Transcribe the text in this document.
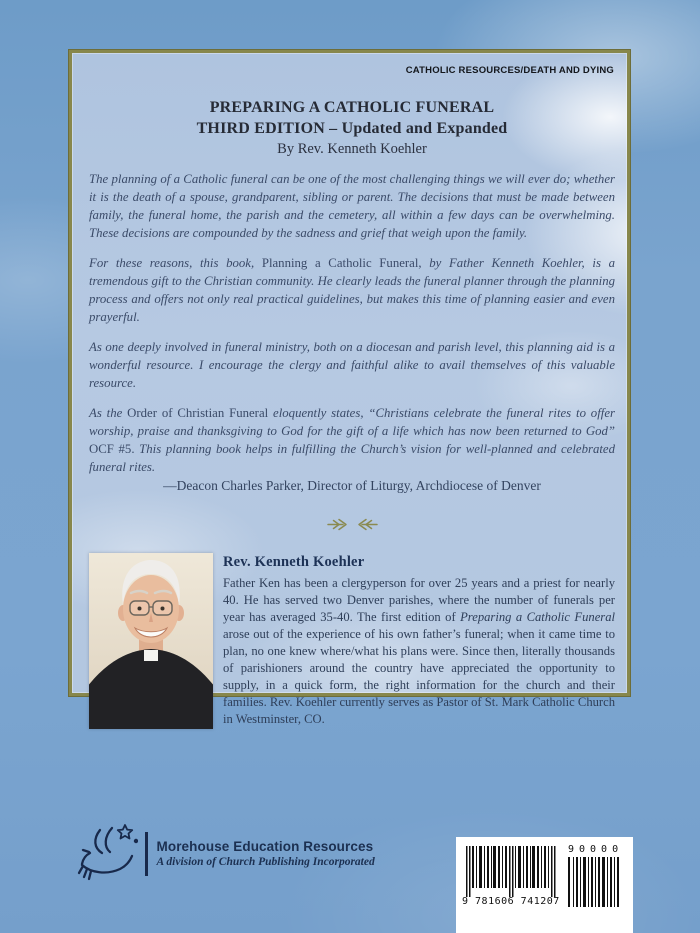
CATHOLIC RESOURCES/DEATH AND DYING
PREPARING A CATHOLIC FUNERAL
THIRD EDITION – Updated and Expanded
By Rev. Kenneth Koehler

The planning of a Catholic funeral can be one of the most challenging things we will ever do; whether it is the death of a spouse, grandparent, sibling or parent. The decisions that must be made between family, the funeral home, the parish and the cemetery, all within a few days can be overwhelming. These decisions are compounded by the sadness and grief that weigh upon the family.

For these reasons, this book, Planning a Catholic Funeral, by Father Kenneth Koehler, is a tremendous gift to the Christian community. He clearly leads the funeral planner through the planning process and offers not only real practical guidelines, but makes this time of planning easier and even prayerful.

As one deeply involved in funeral ministry, both on a diocesan and parish level, this planning aid is a wonderful resource. I encourage the clergy and faithful alike to avail themselves of this valuable resource.

As the Order of Christian Funeral eloquently states, “Christians celebrate the funeral rites to offer worship, praise and thanksgiving to God for the gift of a life which has now been returned to God” OCF #5. This planning book helps in fulfilling the Church’s vision for well-planned and celebrated funeral rites.

—Deacon Charles Parker, Director of Liturgy, Archdiocese of Denver
Rev. Kenneth Koehler
Father Ken has been a clergyperson for over 25 years and a priest for nearly 40. He has served two Denver parishes, where the number of funerals per year has averaged 35-40. The first edition of Preparing a Catholic Funeral arose out of the experience of his own father’s funeral; when it came time to plan, no one knew where/what his plans were. Since then, literally thousands of parishioners around the country have appreciated the opportunity to supply, in a quick form, the right information for the church and their families. Rev. Koehler currently serves as Pastor of St. Mark Catholic Church in Westminster, CO.
Morehouse Education Resources
A division of Church Publishing Incorporated
9 781606 741207
90000
